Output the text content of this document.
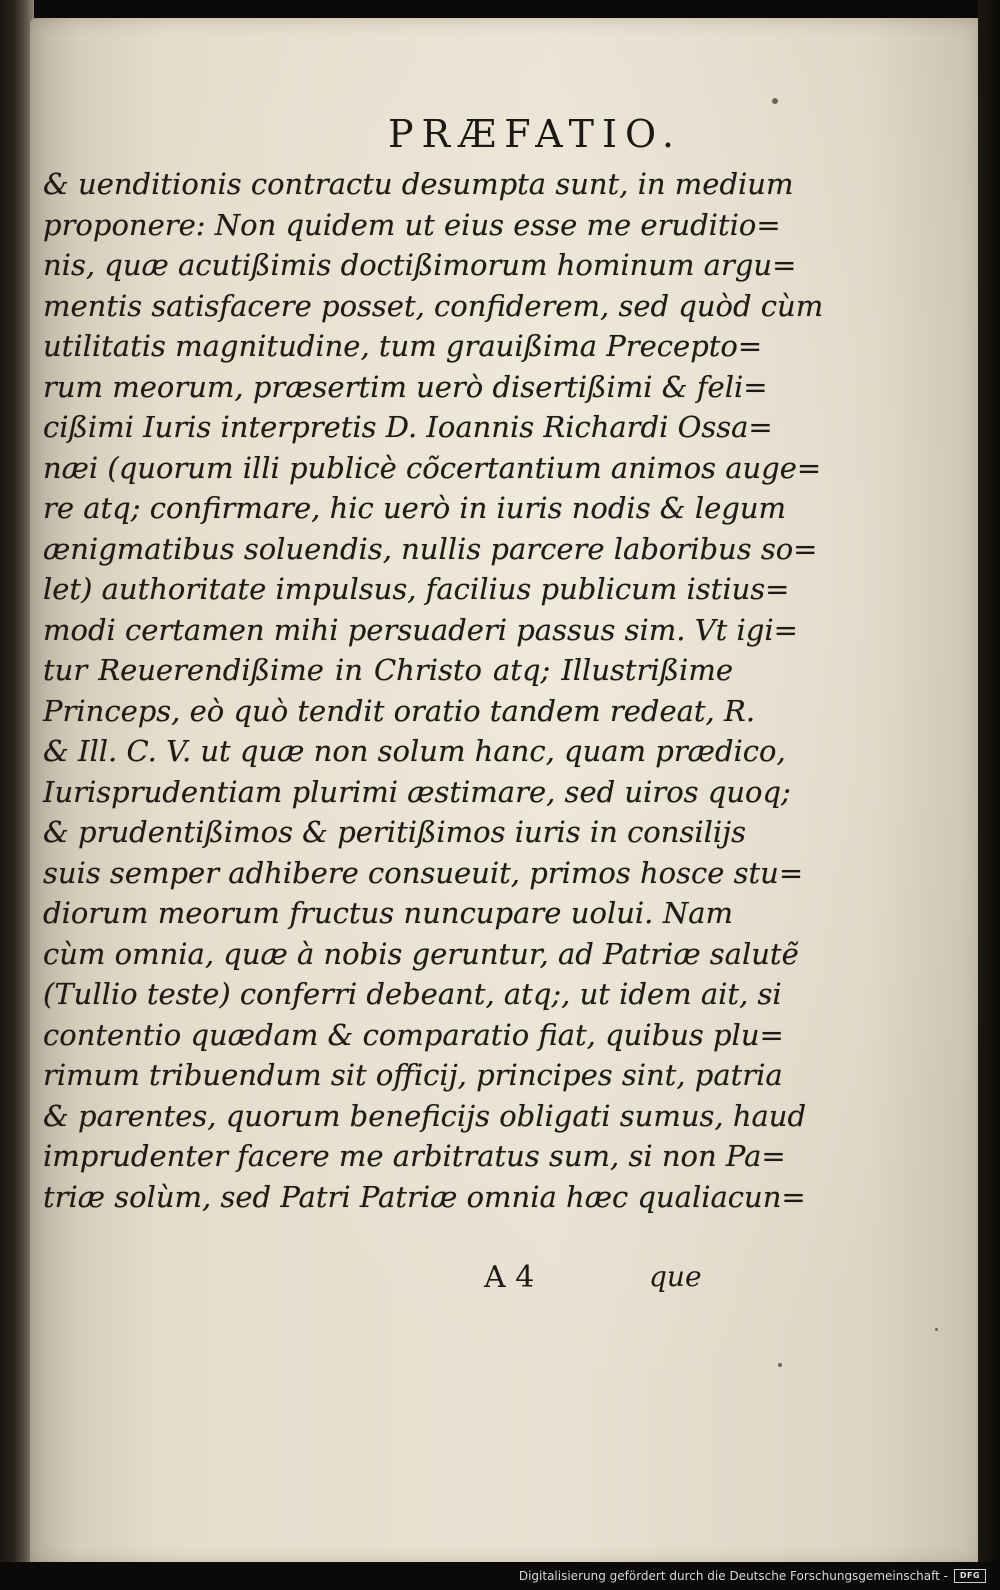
PRÆFATIO.
& uenditionis contractu desumpta sunt, in medium
proponere: Non quidem ut eius esse me eruditio=
nis, quæ acutißimis doctißimorum hominum argu=
mentis satisfacere posset, confiderem, sed quòd cùm
utilitatis magnitudine, tum grauißima Precepto=
rum meorum, præsertim uerò disertißimi & feli=
cißimi Iuris interpretis D. Ioannis Richardi Ossa=
næi (quorum illi publicè cõcertantium animos auge=
re atq; confirmare, hic uerò in iuris nodis & legum
ænigmatibus soluendis, nullis parcere laboribus so=
let) authoritate impulsus, facilius publicum istius=
modi certamen mihi persuaderi passus sim. Vt igi=
tur Reuerendißime in Christo atq; Illustrißime
Princeps, eò quò tendit oratio tandem redeat, R.
& Ill. C. V. ut quæ non solum hanc, quam prædico,
Iurisprudentiam plurimi æstimare, sed uiros quoq;
& prudentißimos & peritißimos iuris in consilijs
suis semper adhibere consueuit, primos hosce stu=
diorum meorum fructus nuncupare uolui. Nam
cùm omnia, quæ à nobis geruntur, ad Patriæ salutẽ
(Tullio teste) conferri debeant, atq;, ut idem ait, si
contentio quædam & comparatio fiat, quibus plu=
rimum tribuendum sit officij, principes sint, patria
& parentes, quorum beneficijs obligati sumus, haud
imprudenter facere me arbitratus sum, si non Pa=
triæ solùm, sed Patri Patriæ omnia hæc qualiacun=
A 4	que
Digitalisierung gefördert durch die Deutsche Forschungsgemeinschaft -	DFG
